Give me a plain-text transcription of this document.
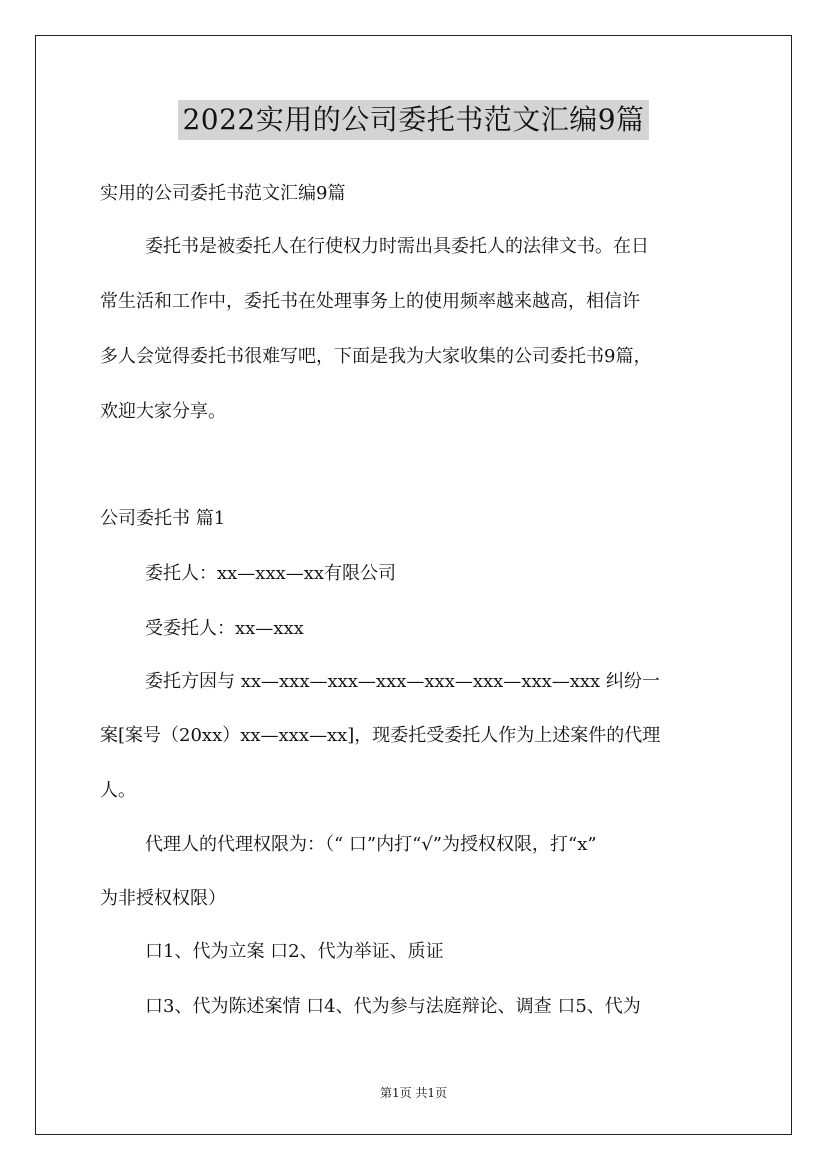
2022实用的公司委托书范文汇编9篇
实用的公司委托书范文汇编9篇
委托书是被委托人在行使权力时需出具委托人的法律文书。在日
常生活和工作中，委托书在处理事务上的使用频率越来越高，相信许
多人会觉得委托书很难写吧，下面是我为大家收集的公司委托书9篇，
欢迎大家分享。
公司委托书 篇1
委托人：xx—xxx—xx有限公司
受委托人：xx—xxx
委托方因与 xx—xxx—xxx—xxx—xxx—xxx—xxx—xxx 纠纷一
案[案号（20xx）xx—xxx—xx]，现委托受委托人作为上述案件的代理
人。
代理人的代理权限为：（“ 口”内打“√”为授权权限，打“x”
为非授权权限）
口1、代为立案 口2、代为举证、质证
口3、代为陈述案情 口4、代为参与法庭辩论、调查 口5、代为
第1页 共1页
